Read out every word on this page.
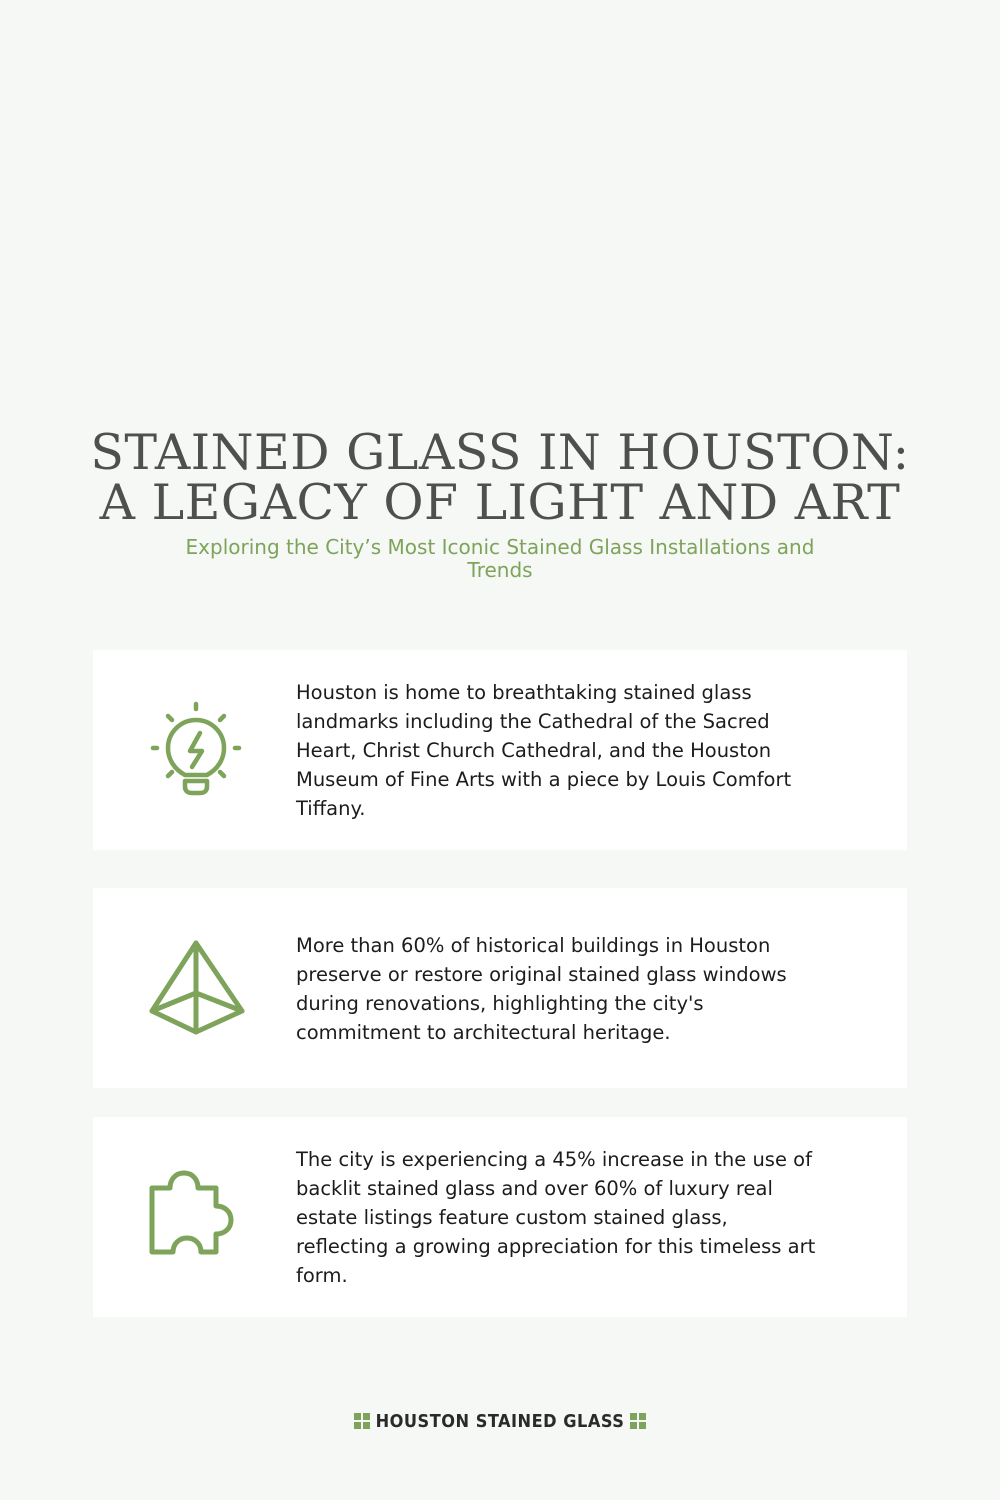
STAINED GLASS IN HOUSTON:
A LEGACY OF LIGHT AND ART
Exploring the City’s Most Iconic Stained Glass Installations and Trends
Houston is home to breathtaking stained glass landmarks including the Cathedral of the Sacred Heart, Christ Church Cathedral, and the Houston Museum of Fine Arts with a piece by Louis Comfort Tiffany.
More than 60% of historical buildings in Houston preserve or restore original stained glass windows during renovations, highlighting the city's commitment to architectural heritage.
The city is experiencing a 45% increase in the use of backlit stained glass and over 60% of luxury real estate listings feature custom stained glass, reflecting a growing appreciation for this timeless art form.
HOUSTON STAINED GLASS
